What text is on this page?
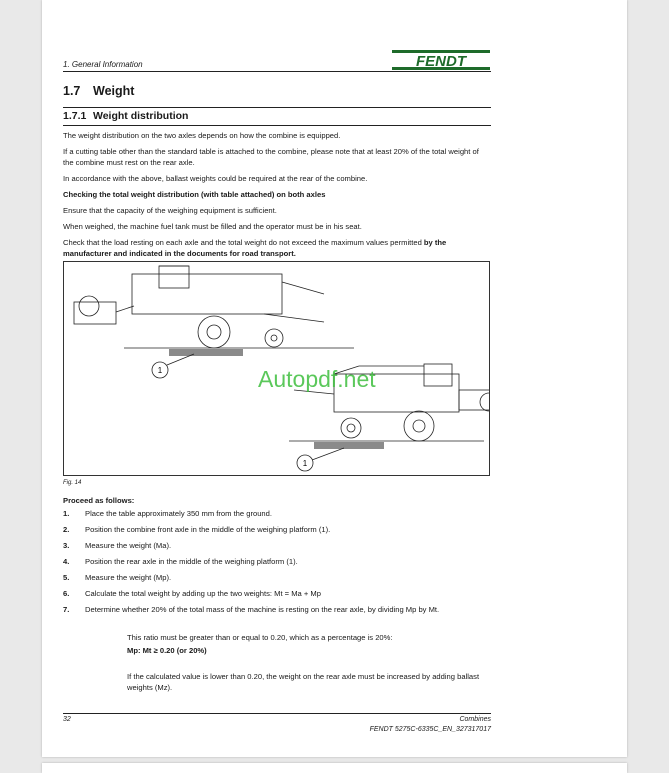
1. General Information	FENDT
1.7 Weight
1.7.1 Weight distribution
The weight distribution on the two axles depends on how the combine is equipped.
If a cutting table other than the standard table is attached to the combine, please note that at least 20% of the total weight of the combine must rest on the rear axle.
In accordance with the above, ballast weights could be required at the rear of the combine.
Checking the total weight distribution (with table attached) on both axles
Ensure that the capacity of the weighing equipment is sufficient.
When weighed, the machine fuel tank must be filled and the operator must be in his seat.
Check that the load resting on each axle and the total weight do not exceed the maximum values permitted by the manufacturer and indicated in the documents for road transport.
1
1
Autopdf.net
Fig. 14
Proceed as follows:
1. Place the table approximately 350 mm from the ground.
2. Position the combine front axle in the middle of the weighing platform (1).
3. Measure the weight (Ma).
4. Position the rear axle in the middle of the weighing platform (1).
5. Measure the weight (Mp).
6. Calculate the total weight by adding up the two weights: Mt = Ma + Mp
7. Determine whether 20% of the total mass of the machine is resting on the rear axle, by dividing Mp by Mt.
This ratio must be greater than or equal to 0.20, which as a percentage is 20%:
Mp: Mt ≥ 0.20 (or 20%)
If the calculated value is lower than 0.20, the weight on the rear axle must be increased by adding ballast weights (Mz).
32	Combines
FENDT 5275C-6335C_EN_327317017
